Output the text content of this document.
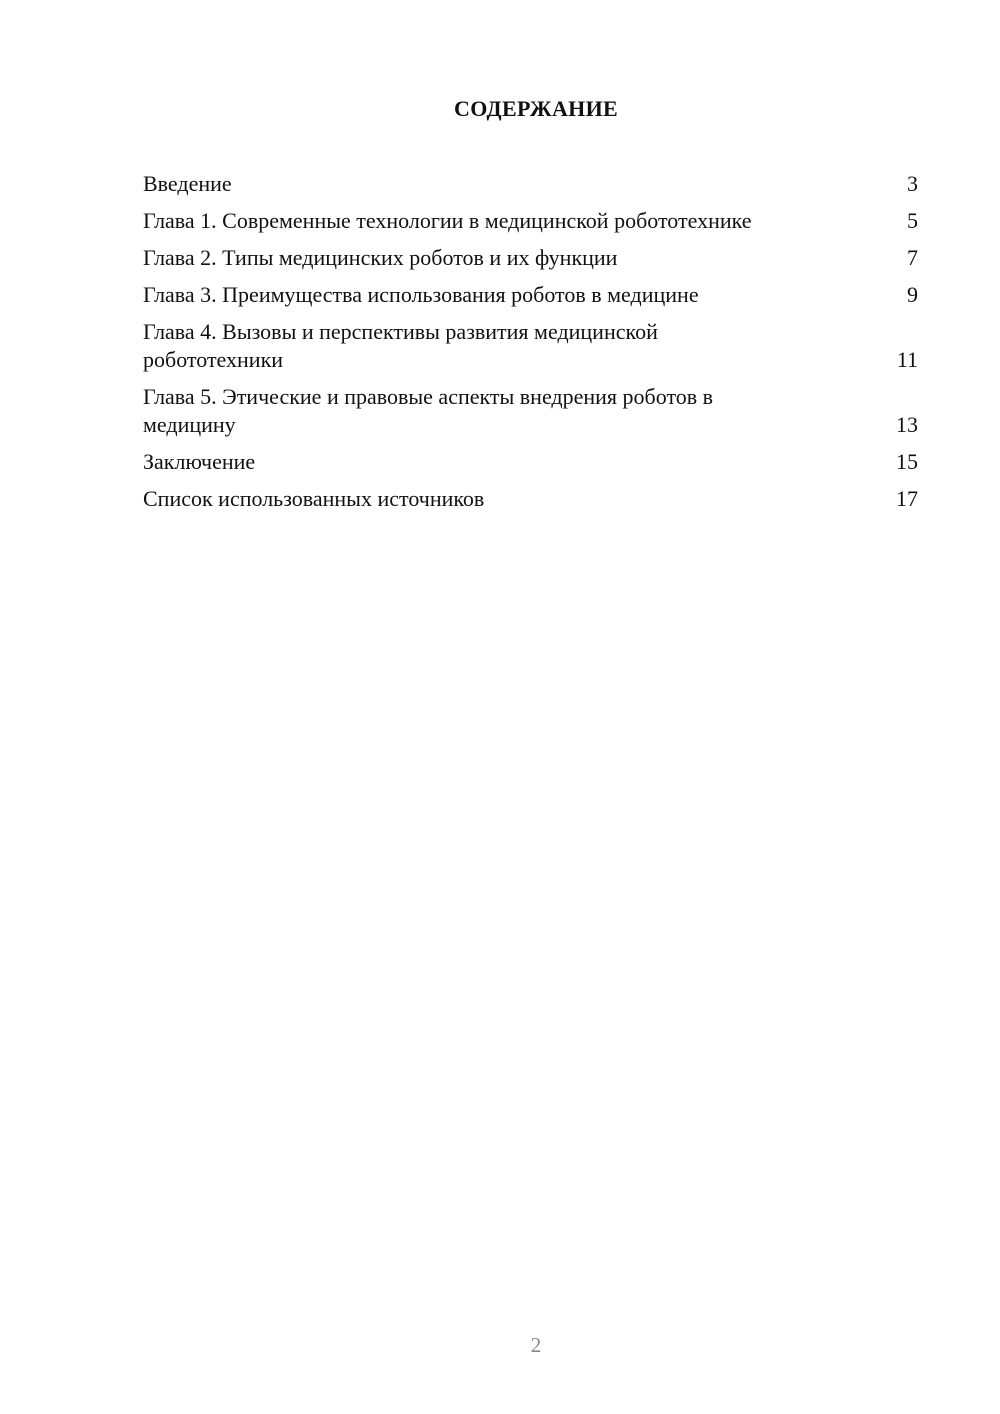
СОДЕРЖАНИЕ
Введение	3
Глава 1. Современные технологии в медицинской робототехнике	5
Глава 2. Типы медицинских роботов и их функции	7
Глава 3. Преимущества использования роботов в медицине	9
Глава 4. Вызовы и перспективы развития медицинской робототехники	11
Глава 5. Этические и правовые аспекты внедрения роботов в медицину	13
Заключение	15
Список использованных источников	17
2
